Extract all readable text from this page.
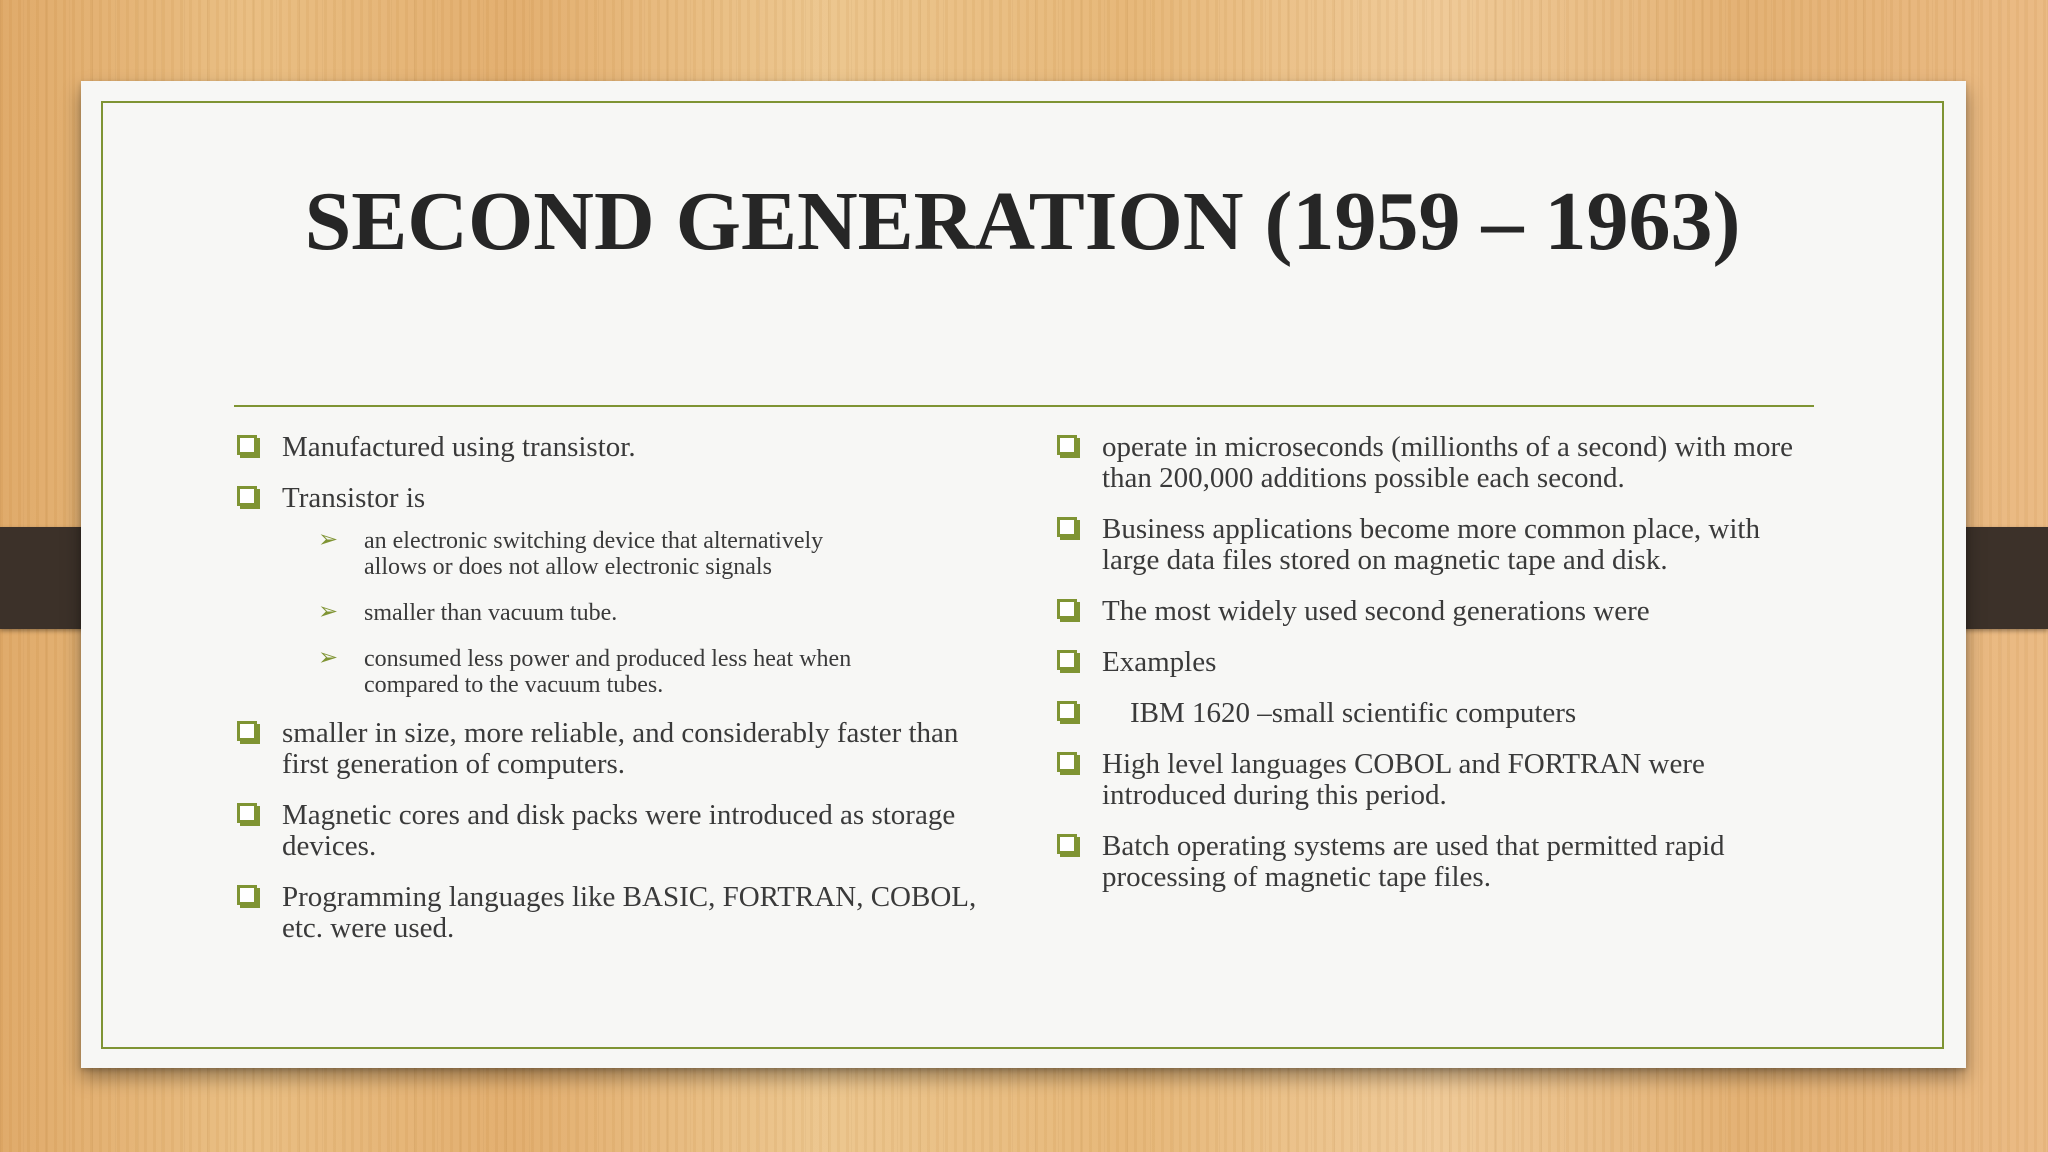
SECOND GENERATION (1959 – 1963)
Manufactured using transistor.
Transistor is
➢ an electronic switching device that alternatively allows or does not allow electronic signals
➢ smaller than vacuum tube.
➢ consumed less power and produced less heat when compared to the vacuum tubes.
smaller in size, more reliable, and considerably faster than first generation of computers.
Magnetic cores and disk packs were introduced as storage devices.
Programming languages like BASIC, FORTRAN, COBOL, etc. were used.
operate in microseconds (millionths of a second) with more than 200,000 additions possible each second.
Business applications become more common place, with large data files stored on magnetic tape and disk.
The most widely used second generations were
Examples
IBM 1620 –small scientific computers
High level languages COBOL and FORTRAN were introduced during this period.
Batch operating systems are used that permitted rapid processing of magnetic tape files.
